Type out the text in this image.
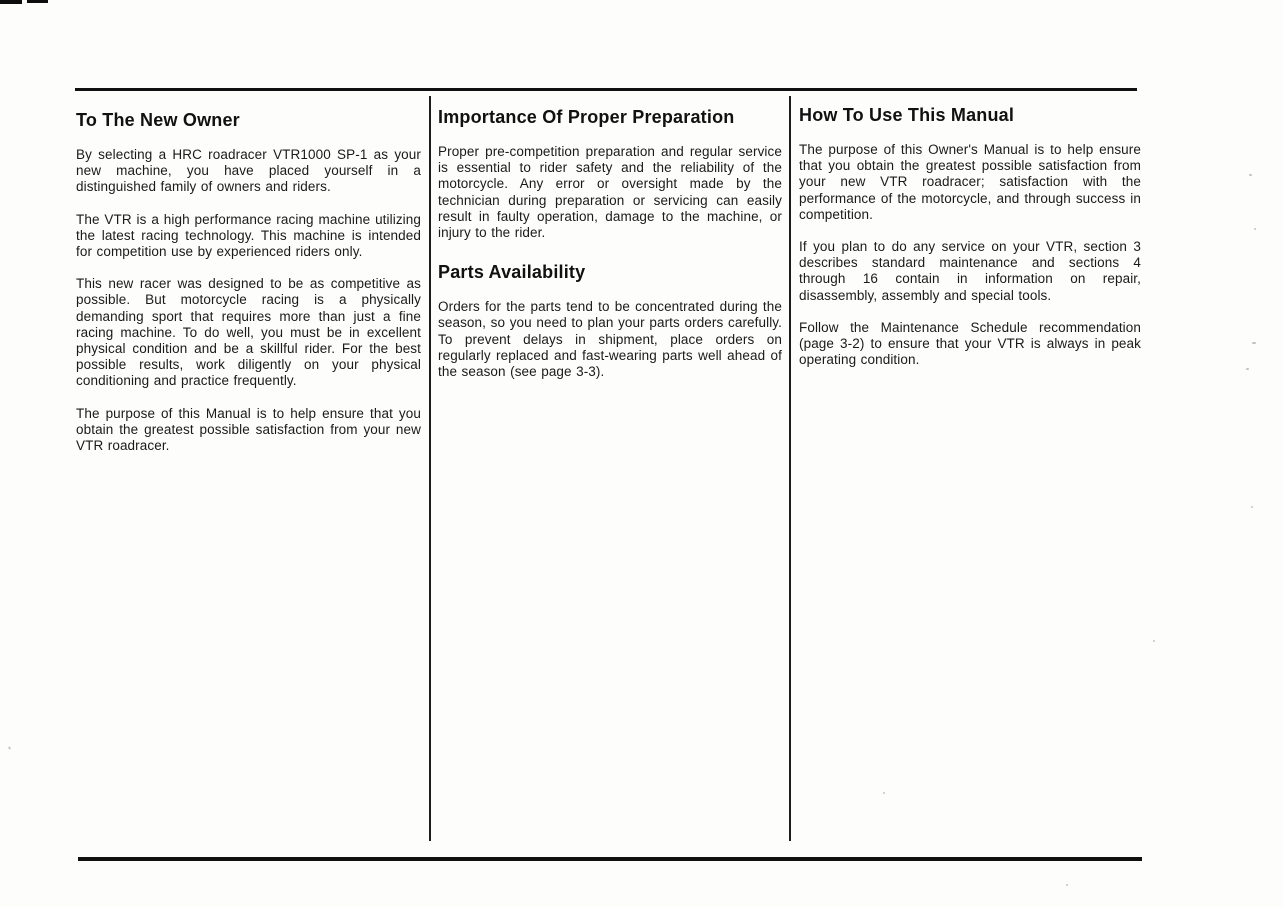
To The New Owner

By selecting a HRC roadracer VTR1000 SP-1 as your new machine, you have placed yourself in a distinguished family of owners and riders.

The VTR is a high performance racing machine utilizing the latest racing technology. This machine is intended for competition use by experienced riders only.

This new racer was designed to be as competitive as possible. But motorcycle racing is a physically demanding sport that requires more than just a fine racing machine. To do well, you must be in excellent physical condition and be a skillful rider. For the best possible results, work diligently on your physical conditioning and practice frequently.

The purpose of this Manual is to help ensure that you obtain the greatest possible satisfaction from your new VTR roadracer.

Importance Of Proper Preparation

Proper pre-competition preparation and regular service is essential to rider safety and the reliability of the motorcycle. Any error or oversight made by the technician during preparation or servicing can easily result in faulty operation, damage to the machine, or injury to the rider.

Parts Availability

Orders for the parts tend to be concentrated during the season, so you need to plan your parts orders carefully. To prevent delays in shipment, place orders on regularly replaced and fast-wearing parts well ahead of the season (see page 3-3).

How To Use This Manual

The purpose of this Owner's Manual is to help ensure that you obtain the greatest possible satisfaction from your new VTR roadracer; satisfaction with the performance of the motorcycle, and through success in competition.

If you plan to do any service on your VTR, section 3 describes standard maintenance and sections 4 through 16 contain in information on repair, disassembly, assembly and special tools.

Follow the Maintenance Schedule recommendation (page 3-2) to ensure that your VTR is always in peak operating condition.
